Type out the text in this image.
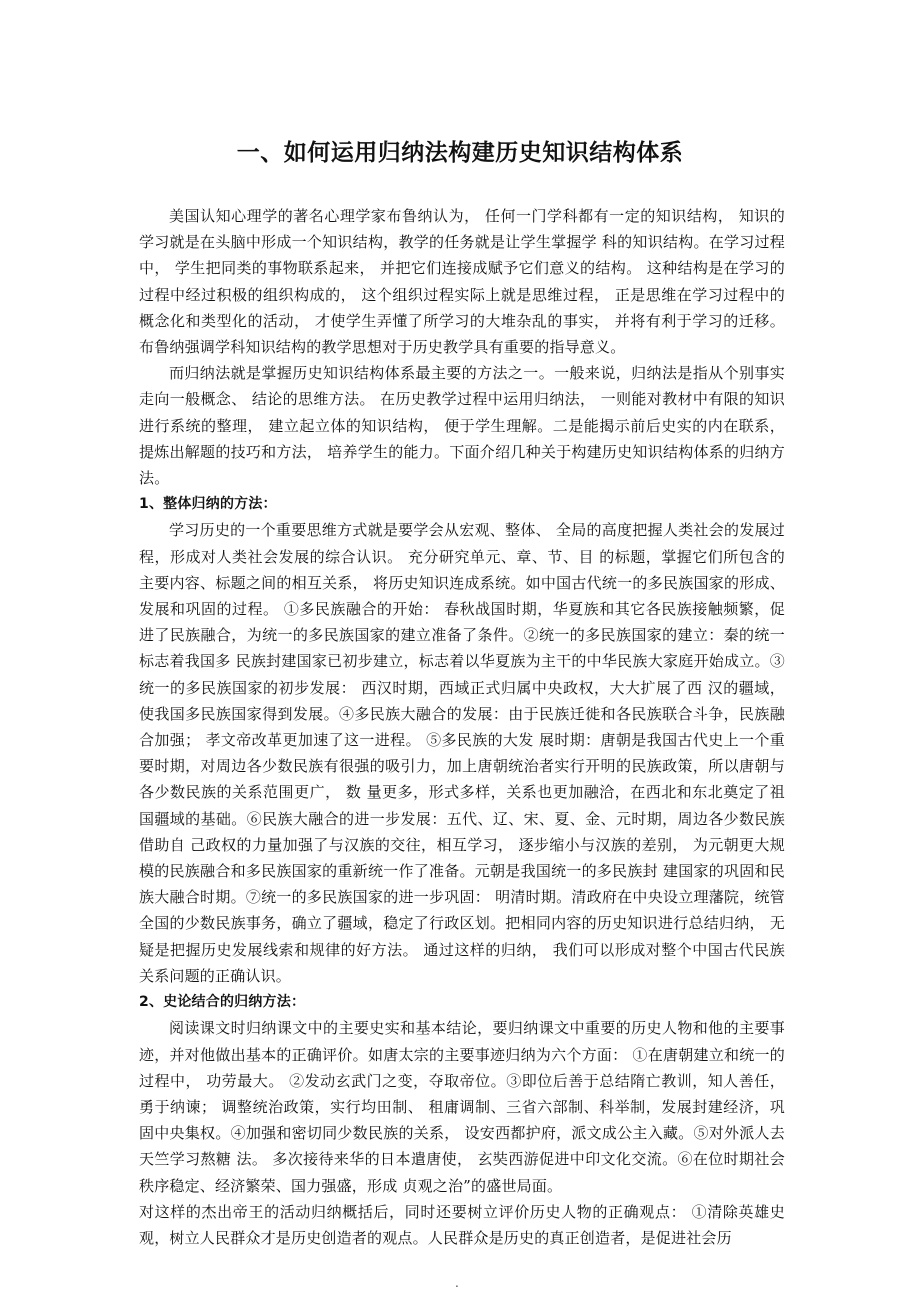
一、如何运用归纳法构建历史知识结构体系

美国认知心理学的著名心理学家布鲁纳认为， 任何一门学科都有一定的知识结构， 知识的学习就是在头脑中形成一个知识结构，教学的任务就是让学生掌握学 科的知识结构。在学习过程中， 学生把同类的事物联系起来， 并把它们连接成赋予它们意义的结构。 这种结构是在学习的过程中经过积极的组织构成的， 这个组织过程实际上就是思维过程， 正是思维在学习过程中的概念化和类型化的活动， 才使学生弄懂了所学习的大堆杂乱的事实， 并将有利于学习的迁移。布鲁纳强调学科知识结构的教学思想对于历史教学具有重要的指导意义。

而归纳法就是掌握历史知识结构体系最主要的方法之一。一般来说，归纳法是指从个别事实走向一般概念、 结论的思维方法。 在历史教学过程中运用归纳法， 一则能对教材中有限的知识进行系统的整理， 建立起立体的知识结构， 便于学生理解。二是能揭示前后史实的内在联系， 提炼出解题的技巧和方法， 培养学生的能力。下面介绍几种关于构建历史知识结构体系的归纳方法。

1、整体归纳的方法：

学习历史的一个重要思维方式就是要学会从宏观、整体、 全局的高度把握人类社会的发展过程，形成对人类社会发展的综合认识。 充分研究单元、章、节、目 的标题，掌握它们所包含的主要内容、标题之间的相互关系， 将历史知识连成系统。如中国古代统一的多民族国家的形成、 发展和巩固的过程。 ①多民族融合的开始： 春秋战国时期，华夏族和其它各民族接触频繁，促进了民族融合，为统一的多民族国家的建立准备了条件。②统一的多民族国家的建立：秦的统一标志着我国多 民族封建国家已初步建立，标志着以华夏族为主干的中华民族大家庭开始成立。③统一的多民族国家的初步发展： 西汉时期，西域正式归属中央政权，大大扩展了西 汉的疆域，使我国多民族国家得到发展。④多民族大融合的发展：由于民族迁徙和各民族联合斗争，民族融合加强； 孝文帝改革更加速了这一进程。 ⑤多民族的大发 展时期：唐朝是我国古代史上一个重要时期，对周边各少数民族有很强的吸引力，加上唐朝统治者实行开明的民族政策，所以唐朝与各少数民族的关系范围更广， 数 量更多，形式多样，关系也更加融洽，在西北和东北奠定了祖国疆域的基础。⑥民族大融合的进一步发展：五代、辽、宋、夏、金、元时期，周边各少数民族借助自 己政权的力量加强了与汉族的交往，相互学习， 逐步缩小与汉族的差别， 为元朝更大规模的民族融合和多民族国家的重新统一作了准备。元朝是我国统一的多民族封 建国家的巩固和民族大融合时期。⑦统一的多民族国家的进一步巩固： 明清时期。清政府在中央设立理藩院，统管全国的少数民族事务，确立了疆域，稳定了行政区划。把相同内容的历史知识进行总结归纳， 无疑是把握历史发展线索和规律的好方法。 通过这样的归纳， 我们可以形成对整个中国古代民族关系问题的正确认识。

2、史论结合的归纳方法：

阅读课文时归纳课文中的主要史实和基本结论，要归纳课文中重要的历史人物和他的主要事迹，并对他做出基本的正确评价。如唐太宗的主要事迹归纳为六个方面： ①在唐朝建立和统一的过程中， 功劳最大。 ②发动玄武门之变，夺取帝位。③即位后善于总结隋亡教训，知人善任， 勇于纳谏； 调整统治政策，实行均田制、 租庸调制、三省六部制、科举制，发展封建经济，巩固中央集权。④加强和密切同少数民族的关系， 设安西都护府，派文成公主入藏。⑤对外派人去天竺学习熬糖 法。 多次接待来华的日本遣唐使， 玄奘西游促进中印文化交流。⑥在位时期社会秩序稳定、经济繁荣、国力强盛，形成 贞观之治”的盛世局面。

对这样的杰出帝王的活动归纳概括后，同时还要树立评价历史人物的正确观点： ①清除英雄史观，树立人民群众才是历史创造者的观点。人民群众是历史的真正创造者，是促进社会历

.
